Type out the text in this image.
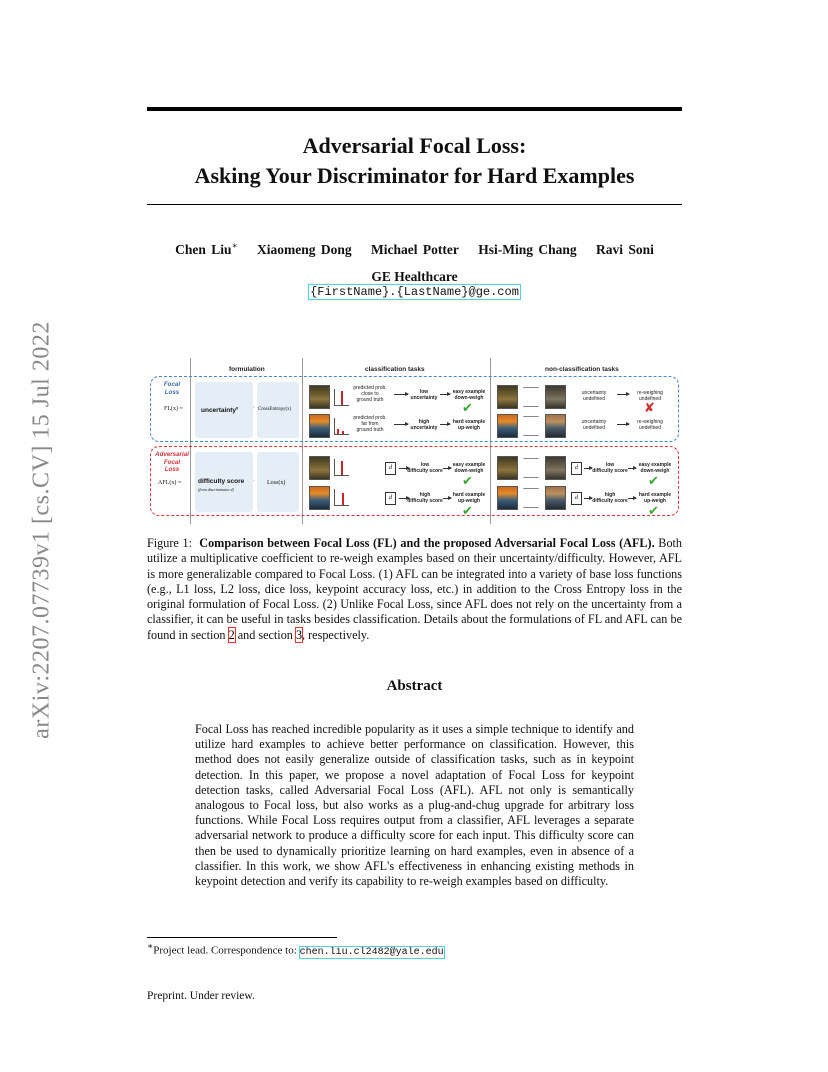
Adversarial Focal Loss:
Asking Your Discriminator for Hard Examples
Chen Liu∗ Xiaomeng Dong Michael Potter Hsi-Ming Chang Ravi Soni
GE Healthcare
{FirstName}.{LastName}@ge.com
arXiv:2207.07739v1 [cs.CV] 15 Jul 2022	formulation	classification tasks	non-classification tasks
Focal
Loss
Adversarial
Focal
Loss
FL(x) =
AFL(x) =
uncertainty$^\gamma$ · CrossEntropy(x)
difficulty score
(from discriminator d)
· Loss(x)
predicted prob.
close to
ground truth
low
uncertainty
easy example
down-weigh
✔
predicted prob.
far from
ground truth
high
uncertainty
hard example
up-weigh
d	low
difficulty score
easy example
down-weigh
✔
d	high
difficulty score
hard example
up-weigh
✔
uncertainty
undefined
re-weighing
undefined
✘
uncertainty
undefined
re-weighing
undefined
d	low
difficulty score
easy example
down-weigh
✔
d	high
difficulty score
hard example
up-weigh
✔
Figure 1: Comparison between Focal Loss (FL) and the proposed Adversarial Focal Loss (AFL). Both utilize a multiplicative coefficient to re-weigh examples based on their uncertainty/difficulty. However, AFL is more generalizable compared to Focal Loss. (1) AFL can be integrated into a variety of base loss functions (e.g., L1 loss, L2 loss, dice loss, keypoint accuracy loss, etc.) in addition to the Cross Entropy loss in the original formulation of Focal Loss. (2) Unlike Focal Loss, since AFL does not rely on the uncertainty from a classifier, it can be useful in tasks besides classification. Details about the formulations of FL and AFL can be found in section 2 and section 3, respectively.
Abstract
Focal Loss has reached incredible popularity as it uses a simple technique to identify and utilize hard examples to achieve better performance on classification. However, this method does not easily generalize outside of classification tasks, such as in keypoint detection. In this paper, we propose a novel adaptation of Focal Loss for keypoint detection tasks, called Adversarial Focal Loss (AFL). AFL not only is semantically analogous to Focal loss, but also works as a plug-and-chug upgrade for arbitrary loss functions. While Focal Loss requires output from a classifier, AFL leverages a separate adversarial network to produce a difficulty score for each input. This difficulty score can then be used to dynamically prioritize learning on hard examples, even in absence of a classifier. In this work, we show AFL's effectiveness in enhancing existing methods in keypoint detection and verify its capability to re-weigh examples based on difficulty.
∗Project lead. Correspondence to: chen.liu.cl2482@yale.edu
Preprint. Under review.
